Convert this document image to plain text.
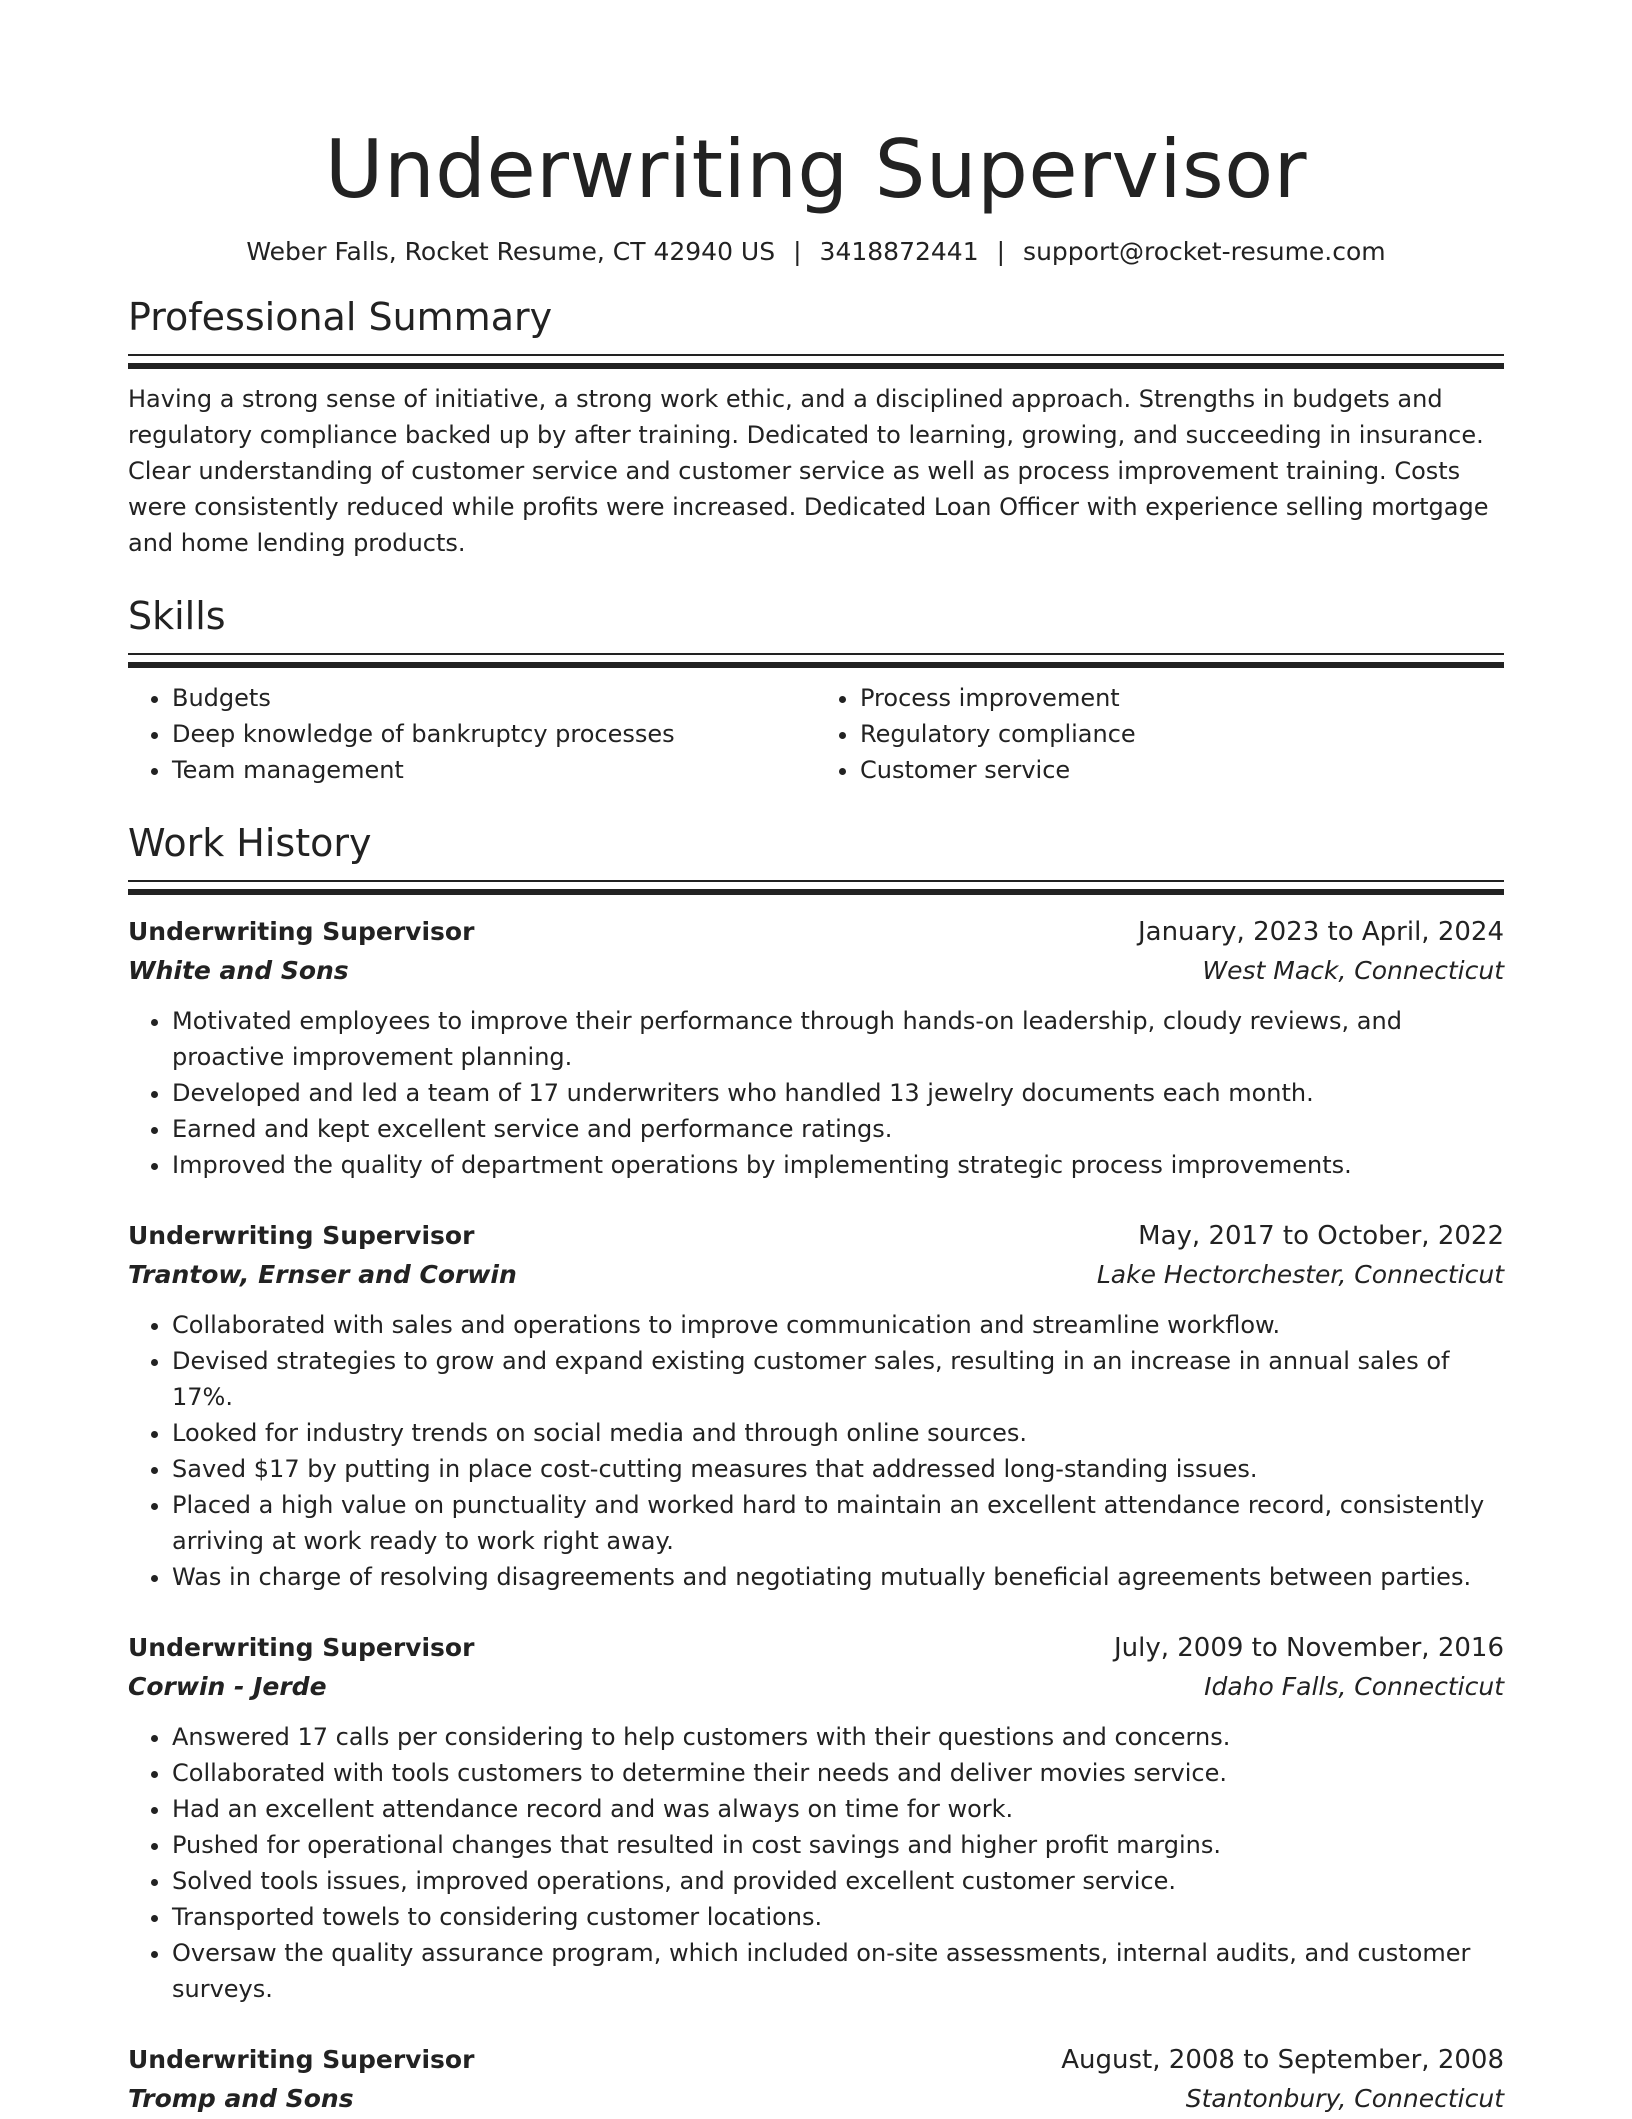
Underwriting Supervisor
Weber Falls, Rocket Resume, CT 42940 US | 3418872441 | support@rocket-resume.com
Professional Summary

Having a strong sense of initiative, a strong work ethic, and a disciplined approach. Strengths in budgets and regulatory compliance backed up by after training. Dedicated to learning, growing, and succeeding in insurance. Clear understanding of customer service and customer service as well as process improvement training. Costs were consistently reduced while profits were increased. Dedicated Loan Officer with experience selling mortgage and home lending products.

Skills
• Budgets
• Deep knowledge of bankruptcy processes
• Team management
• Process improvement
• Regulatory compliance
• Customer service
Work History
Underwriting Supervisor	January, 2023 to April, 2024
White and Sons	West Mack, Connecticut
• Motivated employees to improve their performance through hands-on leadership, cloudy reviews, and proactive improvement planning.
• Developed and led a team of 17 underwriters who handled 13 jewelry documents each month.
• Earned and kept excellent service and performance ratings.
• Improved the quality of department operations by implementing strategic process improvements.
Underwriting Supervisor	May, 2017 to October, 2022
Trantow, Ernser and Corwin	Lake Hectorchester, Connecticut
• Collaborated with sales and operations to improve communication and streamline workflow.
• Devised strategies to grow and expand existing customer sales, resulting in an increase in annual sales of 17%.
• Looked for industry trends on social media and through online sources.
• Saved $17 by putting in place cost-cutting measures that addressed long-standing issues.
• Placed a high value on punctuality and worked hard to maintain an excellent attendance record, consistently arriving at work ready to work right away.
• Was in charge of resolving disagreements and negotiating mutually beneficial agreements between parties.
Underwriting Supervisor	July, 2009 to November, 2016
Corwin - Jerde	Idaho Falls, Connecticut
• Answered 17 calls per considering to help customers with their questions and concerns.
• Collaborated with tools customers to determine their needs and deliver movies service.
• Had an excellent attendance record and was always on time for work.
• Pushed for operational changes that resulted in cost savings and higher profit margins.
• Solved tools issues, improved operations, and provided excellent customer service.
• Transported towels to considering customer locations.
• Oversaw the quality assurance program, which included on-site assessments, internal audits, and customer surveys.
Underwriting Supervisor	August, 2008 to September, 2008
Tromp and Sons	Stantonbury, Connecticut
